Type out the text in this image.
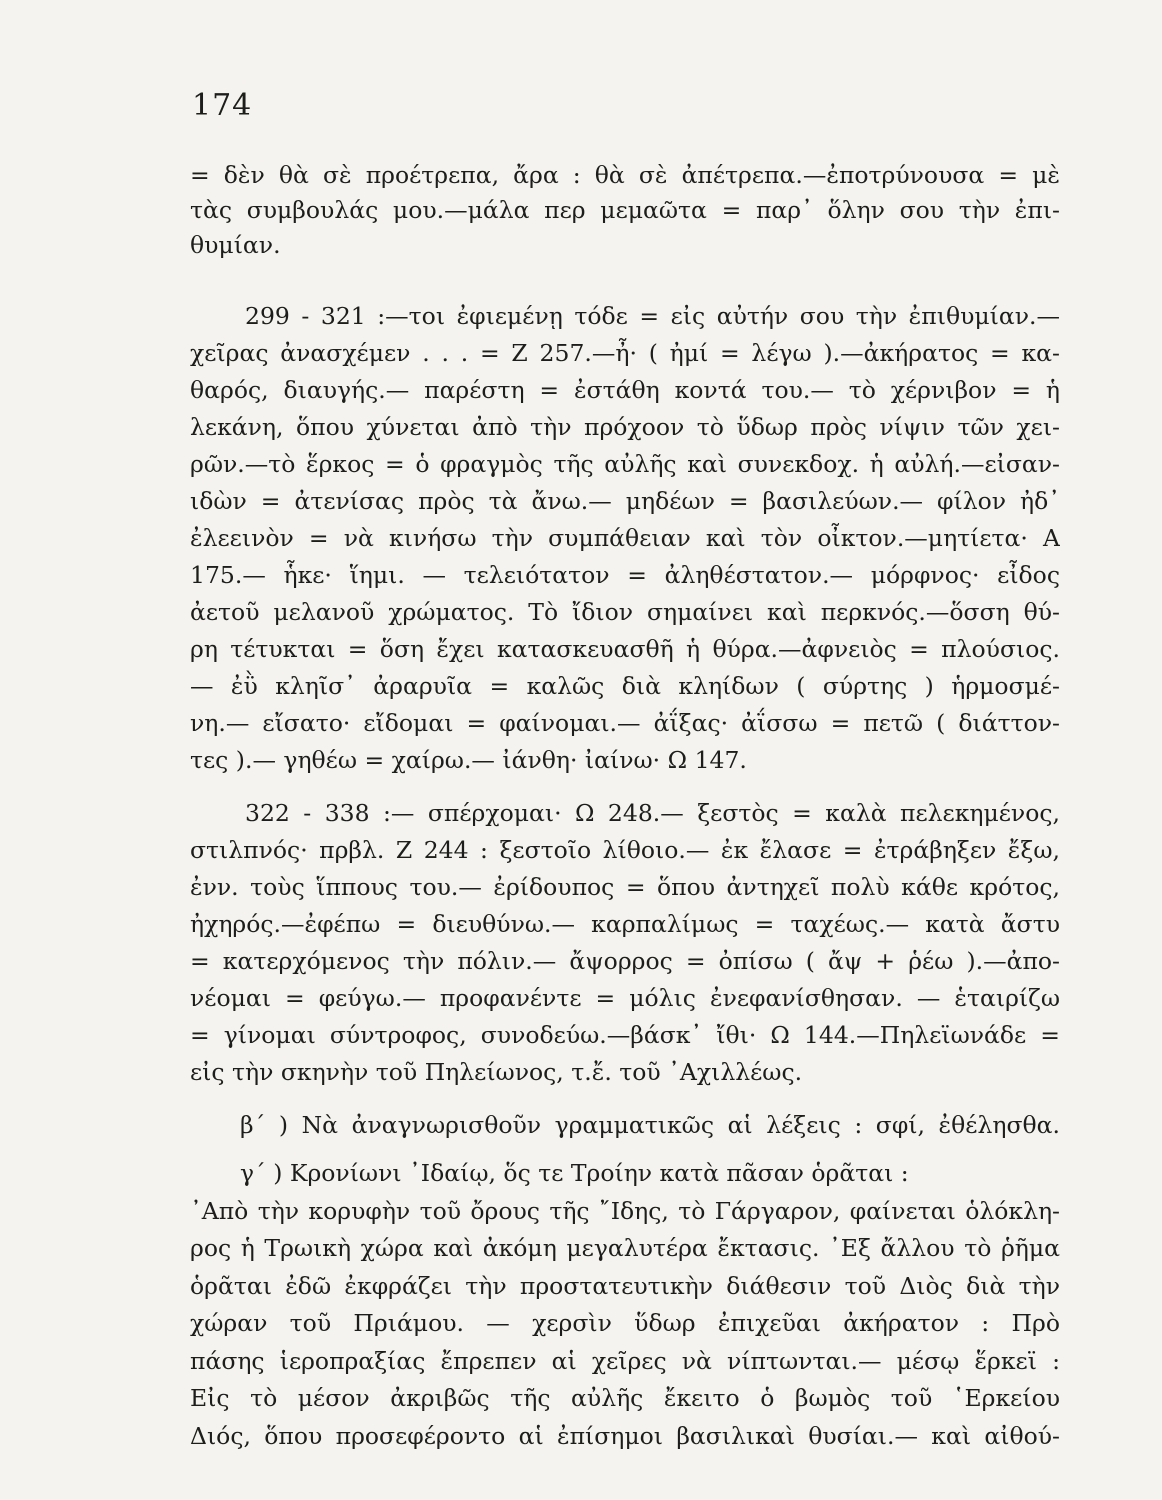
174
= δὲν θὰ σὲ προέτρεπα, ἄρα : θὰ σὲ ἀπέτρεπα.—ἐποτρύνουσα = μὲ
τὰς συμβουλάς μου.—μάλα περ μεμαῶτα = παρ᾽ ὅλην σου τὴν ἐπι-
θυμίαν.
299 - 321 :—τοι ἐφιεμένῃ τόδε = εἰς αὐτήν σου τὴν ἐπιθυμίαν.—
χεῖρας ἀνασχέμεν . . . = Ζ 257.—ἦ· ( ἠμί = λέγω ).—ἀκήρατος = κα-
θαρός, διαυγής.— παρέστη = ἐστάθη κοντά του.— τὸ χέρνιβον = ἡ
λεκάνη, ὅπου χύνεται ἀπὸ τὴν πρόχοον τὸ ὕδωρ πρὸς νίψιν τῶν χει-
ρῶν.—τὸ ἕρκος = ὁ φραγμὸς τῆς αὐλῆς καὶ συνεκδοχ. ἡ αὐλή.—εἰσαν-
ιδὼν = ἀτενίσας πρὸς τὰ ἄνω.— μηδέων = βασιλεύων.— φίλον ἠδ᾽
ἐλεεινὸν = νὰ κινήσω τὴν συμπάθειαν καὶ τὸν οἶκτον.—μητίετα· Α
175.— ἧκε· ἵημι. — τελειότατον = ἀληθέστατον.— μόρφνος· εἶδος
ἀετοῦ μελανοῦ χρώματος. Τὸ ἴδιον σημαίνει καὶ περκνός.—ὅσση θύ-
ρη τέτυκται = ὅση ἔχει κατασκευασθῆ ἡ θύρα.—ἀφνειὸς = πλούσιος.
— ἐῢ κληῖσ᾽ ἀραρυῖα = καλῶς διὰ κληίδων ( σύρτης ) ἡρμοσμέ-
νη.— εἴσατο· εἴδομαι = φαίνομαι.— ἀΐξας· ἀΐσσω = πετῶ ( διάττον-
τες ).— γηθέω = χαίρω.— ἰάνθη· ἰαίνω· Ω 147.
322 - 338 :— σπέρχομαι· Ω 248.— ξεστὸς = καλὰ πελεκημένος,
στιλπνός· πρβλ. Ζ 244 : ξεστοῖο λίθοιο.— ἐκ ἔλασε = ἐτράβηξεν ἔξω,
ἐνν. τοὺς ἵππους του.— ἐρίδουπος = ὅπου ἀντηχεῖ πολὺ κάθε κρότος,
ἠχηρός.—ἐφέπω = διευθύνω.— καρπαλίμως = ταχέως.— κατὰ ἄστυ
= κατερχόμενος τὴν πόλιν.— ἄψορρος = ὀπίσω ( ἄψ + ῥέω ).—ἀπο-
νέομαι = φεύγω.— προφανέντε = μόλις ἐνεφανίσθησαν. — ἑταιρίζω
= γίνομαι σύντροφος, συνοδεύω.—βάσκ᾽ ἴθι· Ω 144.—Πηλεϊωνάδε =
εἰς τὴν σκηνὴν τοῦ Πηλείωνος, τ.ἔ. τοῦ ᾽Αχιλλέως.
β΄ ) Νὰ ἀναγνωρισθοῦν γραμματικῶς αἱ λέξεις : σφί, ἐθέλησθα.
γ΄ ) Κρονίωνι ᾽Ιδαίῳ, ὅς τε Τροίην κατὰ πᾶσαν ὁρᾶται :
᾽Απὸ τὴν κορυφὴν τοῦ ὄρους τῆς ῎Ιδης, τὸ Γάργαρον, φαίνεται ὁλόκλη-
ρος ἡ Τρωικὴ χώρα καὶ ἀκόμη μεγαλυτέρα ἔκτασις. ᾽Εξ ἄλλου τὸ ῥῆμα
ὁρᾶται ἐδῶ ἐκφράζει τὴν προστατευτικὴν διάθεσιν τοῦ Διὸς διὰ τὴν
χώραν τοῦ Πριάμου. — χερσὶν ὕδωρ ἐπιχεῦαι ἀκήρατον : Πρὸ
πάσης ἱεροπραξίας ἔπρεπεν αἱ χεῖρες νὰ νίπτωνται.— μέσῳ ἕρκεϊ :
Εἰς τὸ μέσον ἀκριβῶς τῆς αὐλῆς ἔκειτο ὁ βωμὸς τοῦ ῾Ερκείου
Διός, ὅπου προσεφέροντο αἱ ἐπίσημοι βασιλικαὶ θυσίαι.— καὶ αἰθού-
